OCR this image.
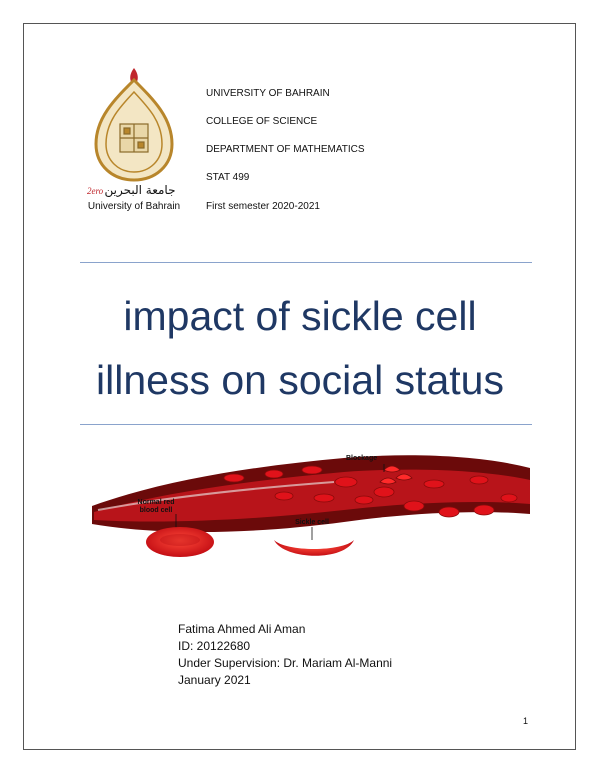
جامعة البحرين
2ero
University of Bahrain
UNIVERSITY OF BAHRAIN
COLLEGE OF SCIENCE
DEPARTMENT OF MATHEMATICS
STAT 499
First semester 2020-2021
impact of sickle cell
illness on social status
Blockage
Normal red
blood cell
Sickle cell
Fatima Ahmed Ali Aman
ID: 20122680
Under Supervision: Dr. Mariam Al-Manni
January 2021
1
